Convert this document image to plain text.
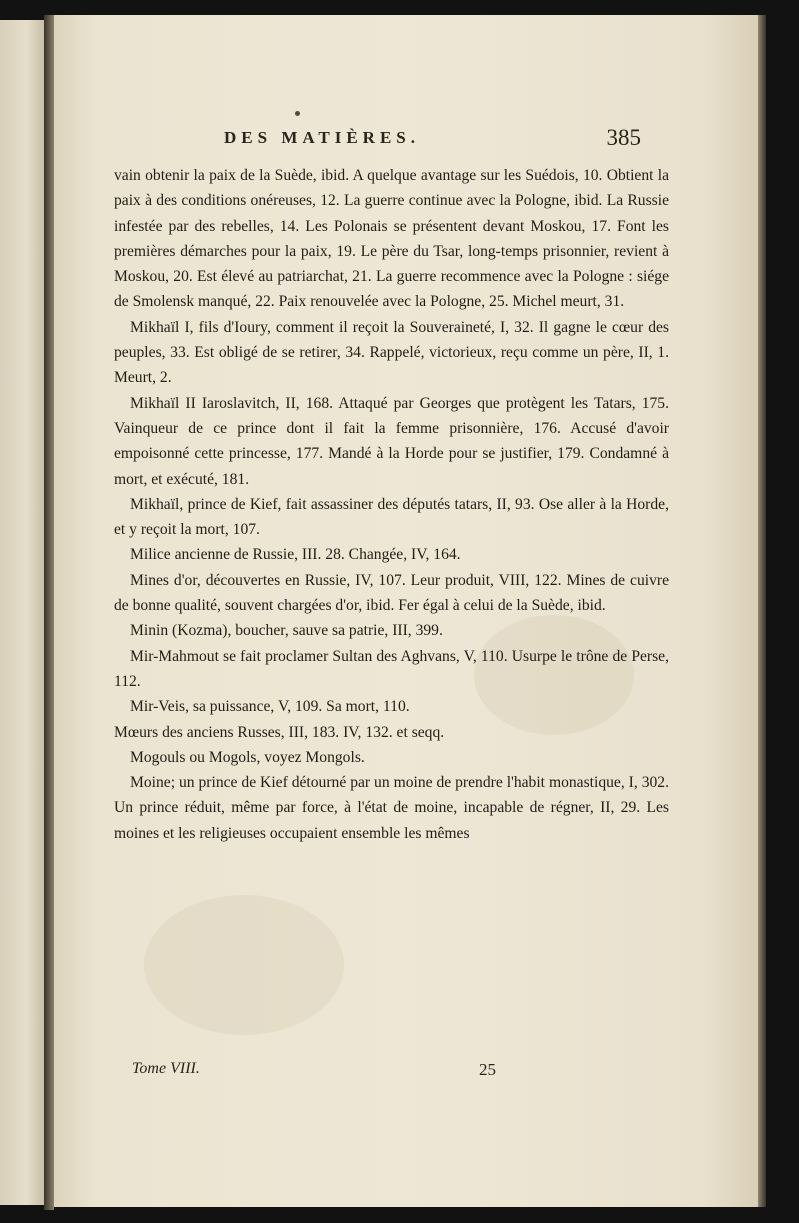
DES MATIÈRES.	385

vain obtenir la paix de la Suède, ibid. A quelque avantage sur les Suédois, 10. Obtient la paix à des conditions onéreuses, 12. La guerre continue avec la Pologne, ibid. La Russie infestée par des rebelles, 14. Les Polonais se présentent devant Moskou, 17. Font les premières démarches pour la paix, 19. Le père du Tsar, long-temps prisonnier, revient à Moskou, 20. Est élevé au patriarchat, 21. La guerre recommence avec la Pologne : siége de Smolensk manqué, 22. Paix renouvelée avec la Pologne, 25. Michel meurt, 31.

Mikhaïl I, fils d'Ioury, comment il reçoit la Souveraineté, I, 32. Il gagne le cœur des peuples, 33. Est obligé de se retirer, 34. Rappelé, victorieux, reçu comme un père, II, 1. Meurt, 2.

Mikhaïl II Iaroslavitch, II, 168. Attaqué par Georges que protègent les Tatars, 175. Vainqueur de ce prince dont il fait la femme prisonnière, 176. Accusé d'avoir empoisonné cette princesse, 177. Mandé à la Horde pour se justifier, 179. Condamné à mort, et exécuté, 181.

Mikhaïl, prince de Kief, fait assassiner des députés tatars, II, 93. Ose aller à la Horde, et y reçoit la mort, 107.

Milice ancienne de Russie, III. 28. Changée, IV, 164.

Mines d'or, découvertes en Russie, IV, 107. Leur produit, VIII, 122. Mines de cuivre de bonne qualité, souvent chargées d'or, ibid. Fer égal à celui de la Suède, ibid.

Minin (Kozma), boucher, sauve sa patrie, III, 399.

Mir-Mahmout se fait proclamer Sultan des Aghvans, V, 110. Usurpe le trône de Perse, 112.

Mir-Veis, sa puissance, V, 109. Sa mort, 110.

Mœurs des anciens Russes, III, 183. IV, 132. et seqq.

Mogouls ou Mogols, voyez Mongols.

Moine; un prince de Kief détourné par un moine de prendre l'habit monastique, I, 302. Un prince réduit, même par force, à l'état de moine, incapable de régner, II, 29. Les moines et les religieuses occupaient ensemble les mêmes

Tome VIII.	25
